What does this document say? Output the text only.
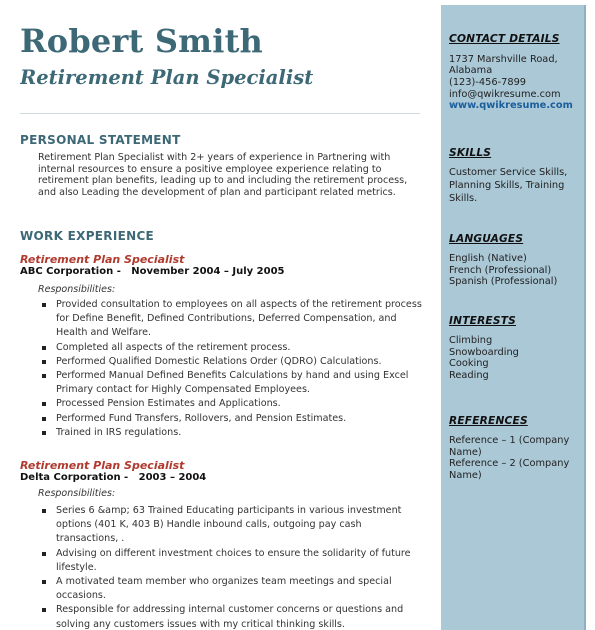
Robert Smith
Retirement Plan Specialist
PERSONAL STATEMENT
Retirement Plan Specialist with 2+ years of experience in Partnering with internal resources to ensure a positive employee experience relating to retirement plan benefits, leading up to and including the retirement process, and also Leading the development of plan and participant related metrics.
WORK EXPERIENCE
Retirement Plan Specialist
ABC Corporation -   November 2004 – July 2005
Responsibilities:
Provided consultation to employees on all aspects of the retirement process for Define Benefit, Defined Contributions, Deferred Compensation, and Health and Welfare.
Completed all aspects of the retirement process.
Performed Qualified Domestic Relations Order (QDRO) Calculations.
Performed Manual Defined Benefits Calculations by hand and using Excel Primary contact for Highly Compensated Employees.
Processed Pension Estimates and Applications.
Performed Fund Transfers, Rollovers, and Pension Estimates.
Trained in IRS regulations.
Retirement Plan Specialist
Delta Corporation -   2003 – 2004
Responsibilities:
Series 6 &amp; 63 Trained Educating participants in various investment options (401 K, 403 B) Handle inbound calls, outgoing pay cash transactions, .
Advising on different investment choices to ensure the solidarity of future lifestyle.
A motivated team member who organizes team meetings and special occasions.
Responsible for addressing internal customer concerns or questions and solving any customers issues with my critical thinking skills.
CONTACT DETAILS
1737 Marshville Road,
Alabama
(123)-456-7899
info@qwikresume.com
www.qwikresume.com
SKILLS
Customer Service Skills, Planning Skills, Training Skills.
LANGUAGES
English (Native)
French (Professional)
Spanish (Professional)
INTERESTS
Climbing
Snowboarding
Cooking
Reading
REFERENCES
Reference – 1 (Company Name)
Reference – 2 (Company Name)
